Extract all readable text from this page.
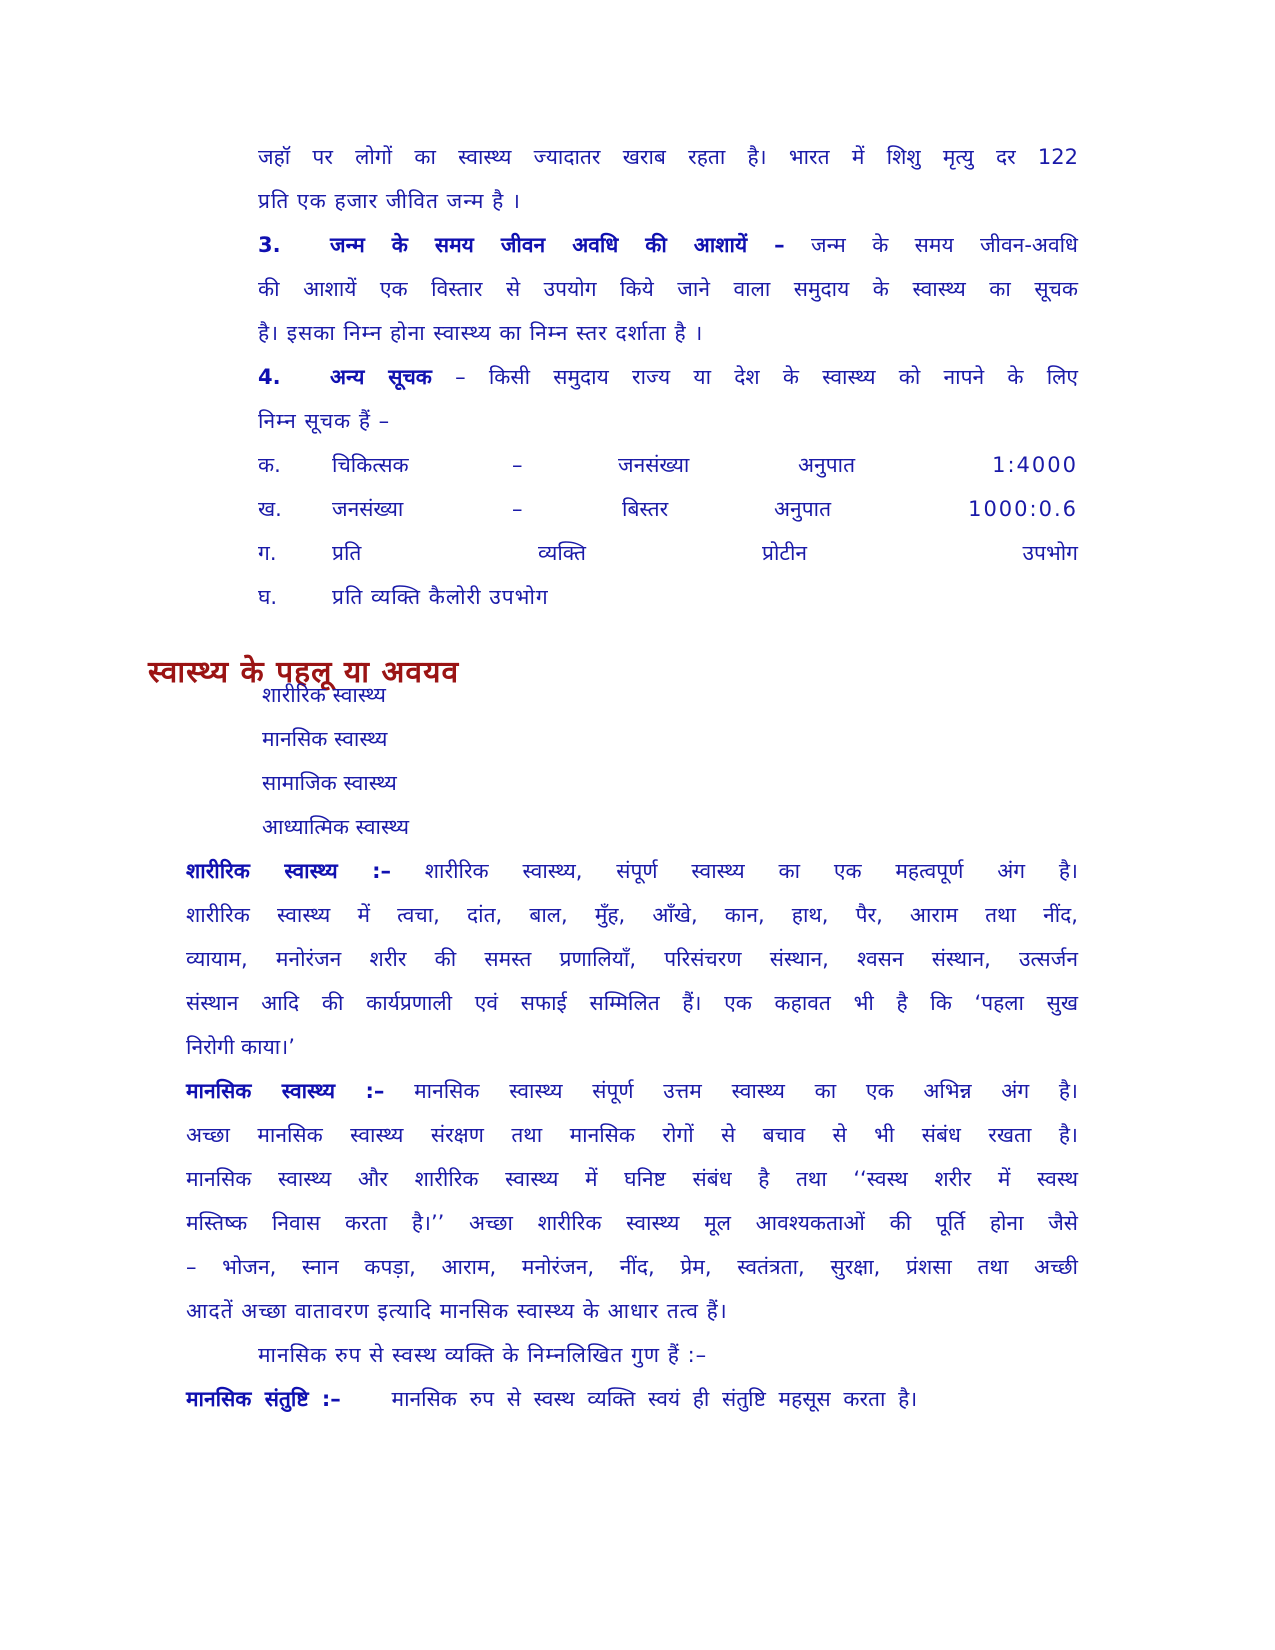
जहॉ पर लोगों का स्वास्थ्य ज्यादातर खराब रहता है। भारत में शिशु मृत्यु दर 122
प्रति एक हजार जीवित जन्म है ।
3. जन्म के समय जीवन अवधि की आशायें – जन्म के समय जीवन-अवधि
की आशायें एक विस्तार से उपयोग किये जाने वाला समुदाय के स्वास्थ्य का सूचक
है। इसका निम्न होना स्वास्थ्य का निम्न स्तर दर्शाता है ।
4. अन्य सूचक – किसी समुदाय राज्य या देश के स्वास्थ्य को नापने के लिए
निम्न सूचक हैं –
क.	चिकित्सक	–	जनसंख्या	अनुपात	1:4000
ख.	जनसंख्या	–	बिस्तर	अनुपात	1000:0.6
ग.	प्रति	व्यक्ति	प्रोटीन	उपभोग
घ.	प्रति व्यक्ति कैलोरी उपभोग
स्वास्थ्य के पहलू या अवयव
शारीरिक स्वास्थ्य
मानसिक स्वास्थ्य
सामाजिक स्वास्थ्य
आध्यात्मिक स्वास्थ्य
शारीरिक स्वास्थ्य :– शारीरिक स्वास्थ्य, संपूर्ण स्वास्थ्य का एक महत्वपूर्ण अंग है।
शारीरिक स्वास्थ्य में त्वचा, दांत, बाल, मुँह, आँखे, कान, हाथ, पैर, आराम तथा नींद,
व्यायाम, मनोरंजन शरीर की समस्त प्रणालियाँ, परिसंचरण संस्थान, श्वसन संस्थान, उत्सर्जन
संस्थान आदि की कार्यप्रणाली एवं सफाई सम्मिलित हैं। एक कहावत भी है कि ‘पहला सुख
निरोगी काया।’
मानसिक स्वास्थ्य :– मानसिक स्वास्थ्य संपूर्ण उत्तम स्वास्थ्य का एक अभिन्न अंग है।
अच्छा मानसिक स्वास्थ्य संरक्षण तथा मानसिक रोगों से बचाव से भी संबंध रखता है।
मानसिक स्वास्थ्य और शारीरिक स्वास्थ्य में घनिष्ट संबंध है तथा ‘‘स्वस्थ शरीर में स्वस्थ
मस्तिष्क निवास करता है।’’ अच्छा शारीरिक स्वास्थ्य मूल आवश्यकताओं की पूर्ति होना जैसे
– भोजन, स्नान कपड़ा, आराम, मनोरंजन, नींद, प्रेम, स्वतंत्रता, सुरक्षा, प्रंशसा तथा अच्छी
आदतें अच्छा वातावरण इत्यादि मानसिक स्वास्थ्य के आधार तत्व हैं।
मानसिक रुप से स्वस्थ व्यक्ति के निम्नलिखित गुण हैं :–
मानसिक संतुष्टि :– मानसिक रुप से स्वस्थ व्यक्ति स्वयं ही संतुष्टि महसूस करता है।
